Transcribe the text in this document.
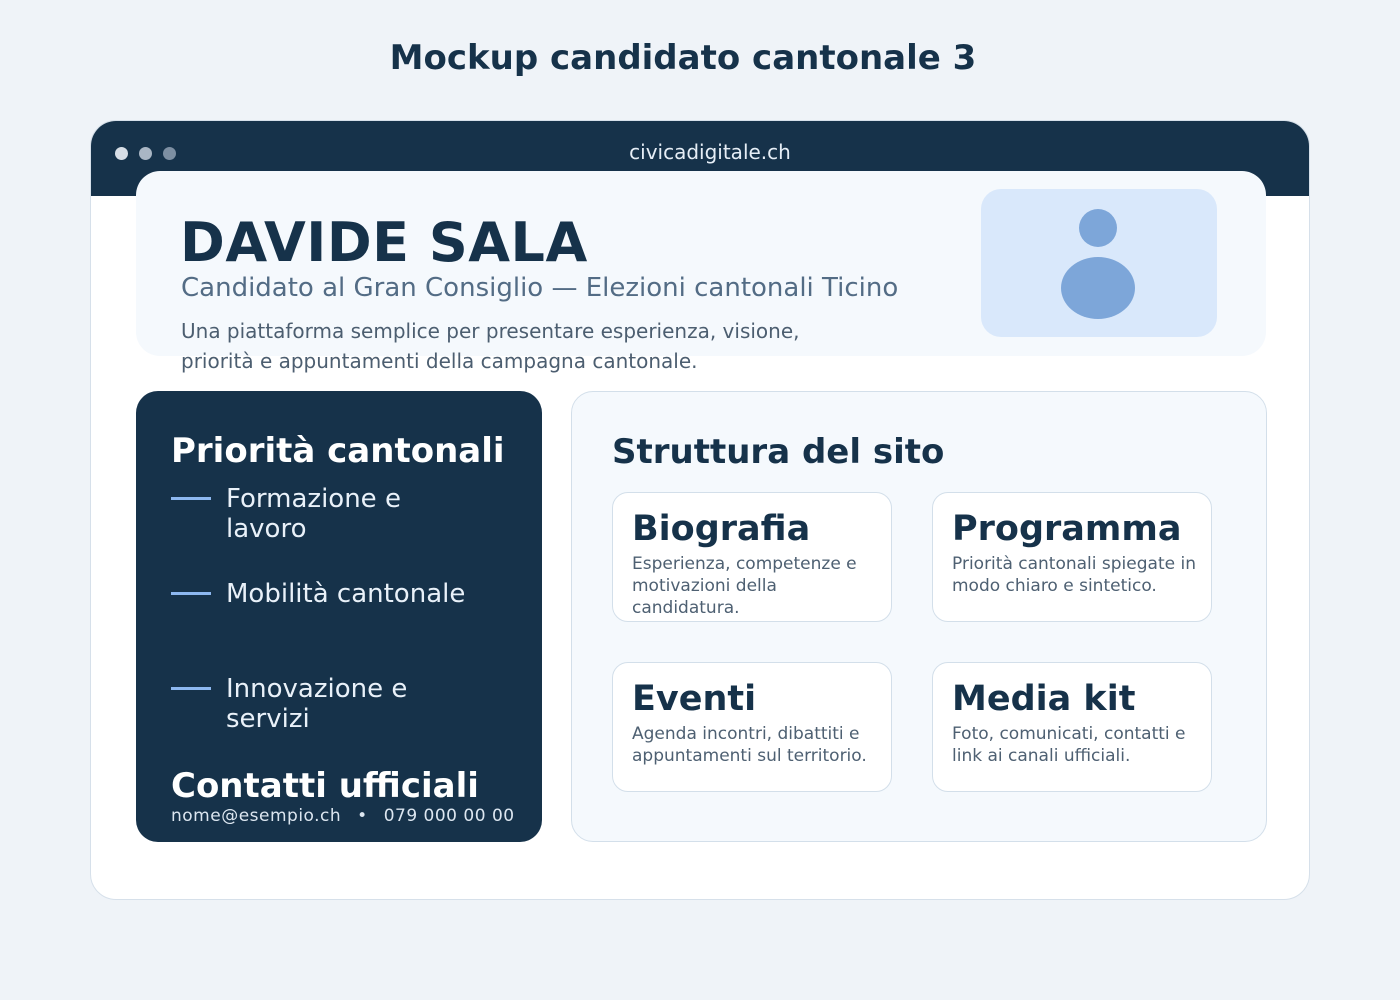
Mockup candidato cantonale 3
civicadigitale.ch
DAVIDE SALA
Candidato al Gran Consiglio — Elezioni cantonali Ticino
Una piattaforma semplice per presentare esperienza, visione, priorità e appuntamenti della campagna cantonale.
Priorità cantonali
Formazione e lavoro
Mobilità cantonale
Innovazione e servizi
Contatti ufficiali
nome@esempio.ch • 079 000 00 00
Struttura del sito
Biografia
Esperienza, competenze e motivazioni della candidatura.
Programma
Priorità cantonali spiegate in modo chiaro e sintetico.
Eventi
Agenda incontri, dibattiti e appuntamenti sul territorio.
Media kit
Foto, comunicati, contatti e link ai canali ufficiali.
